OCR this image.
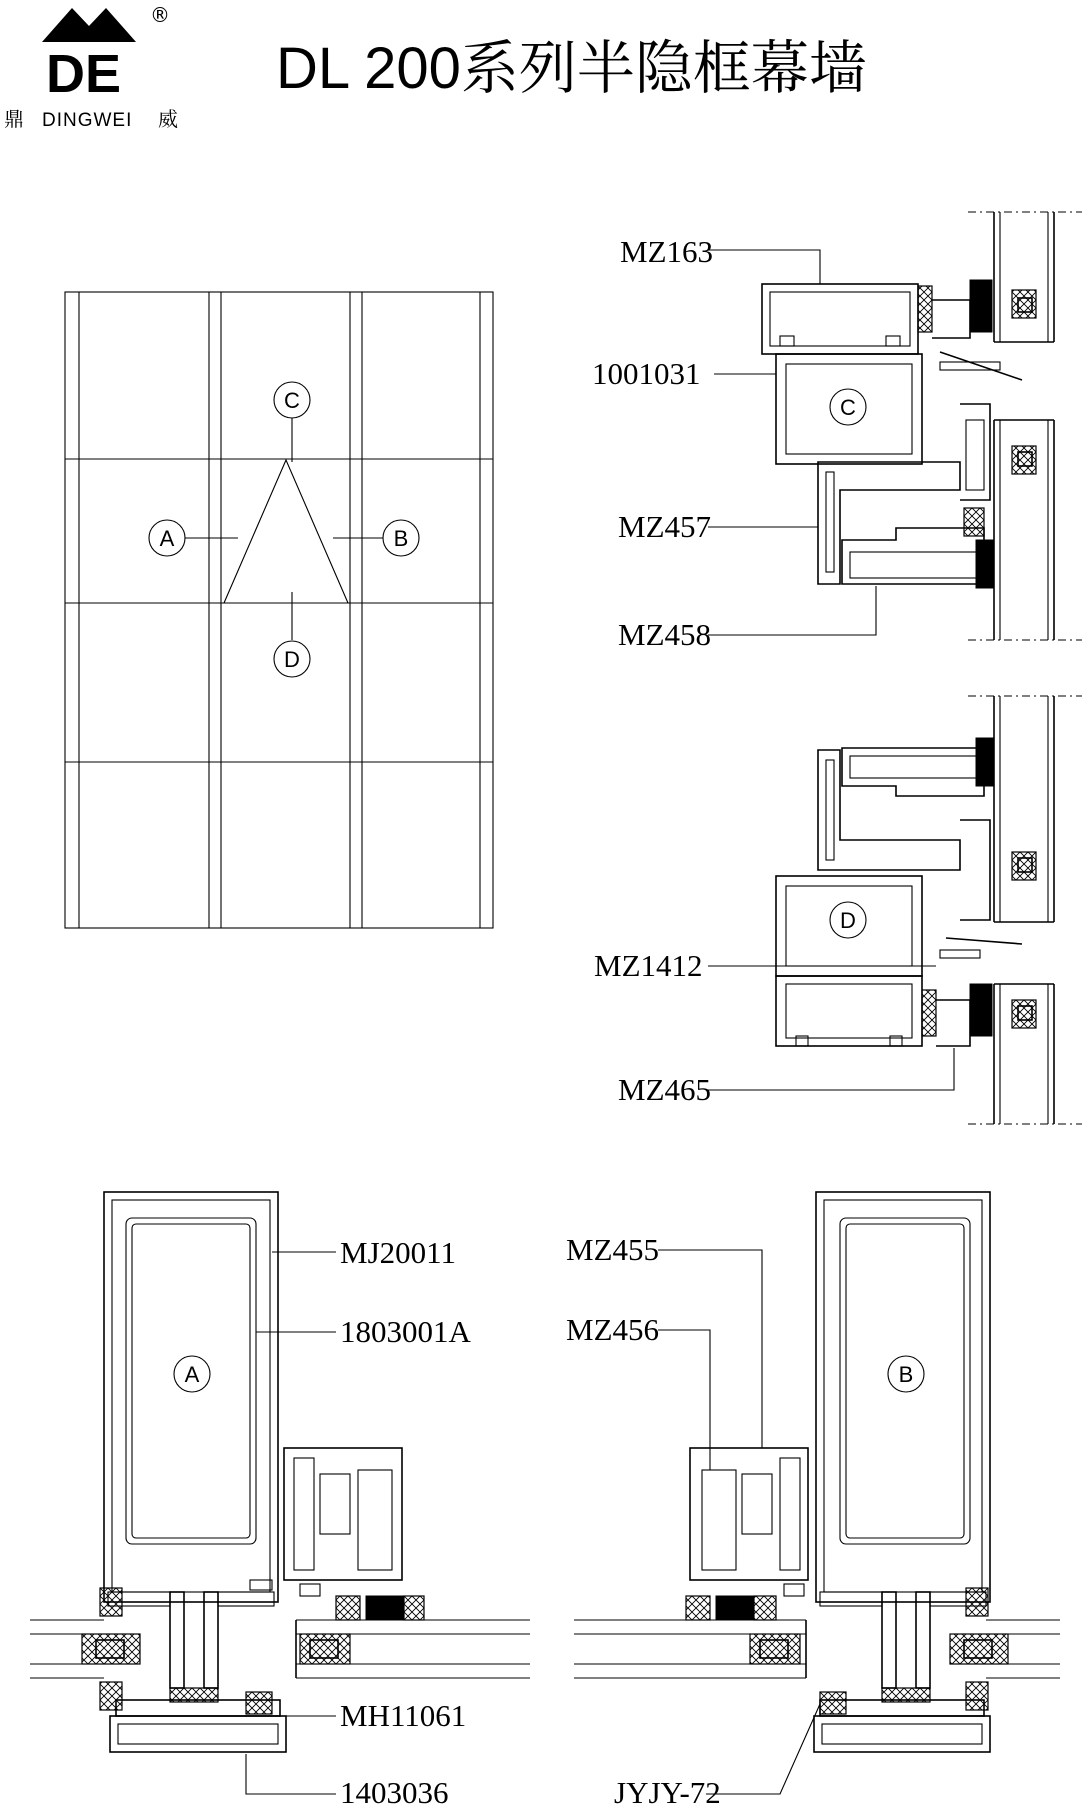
DE
®
鼎 DINGWEI 威
DL 200系列半隐框幕墙
C
A	B
D
C
MZ163
1001031
MZ457
MZ458
D
MZ1412
MZ465
A
MJ20011
1803001A
MH11061
1403036
B
MZ455
MZ456
JYJY-72
